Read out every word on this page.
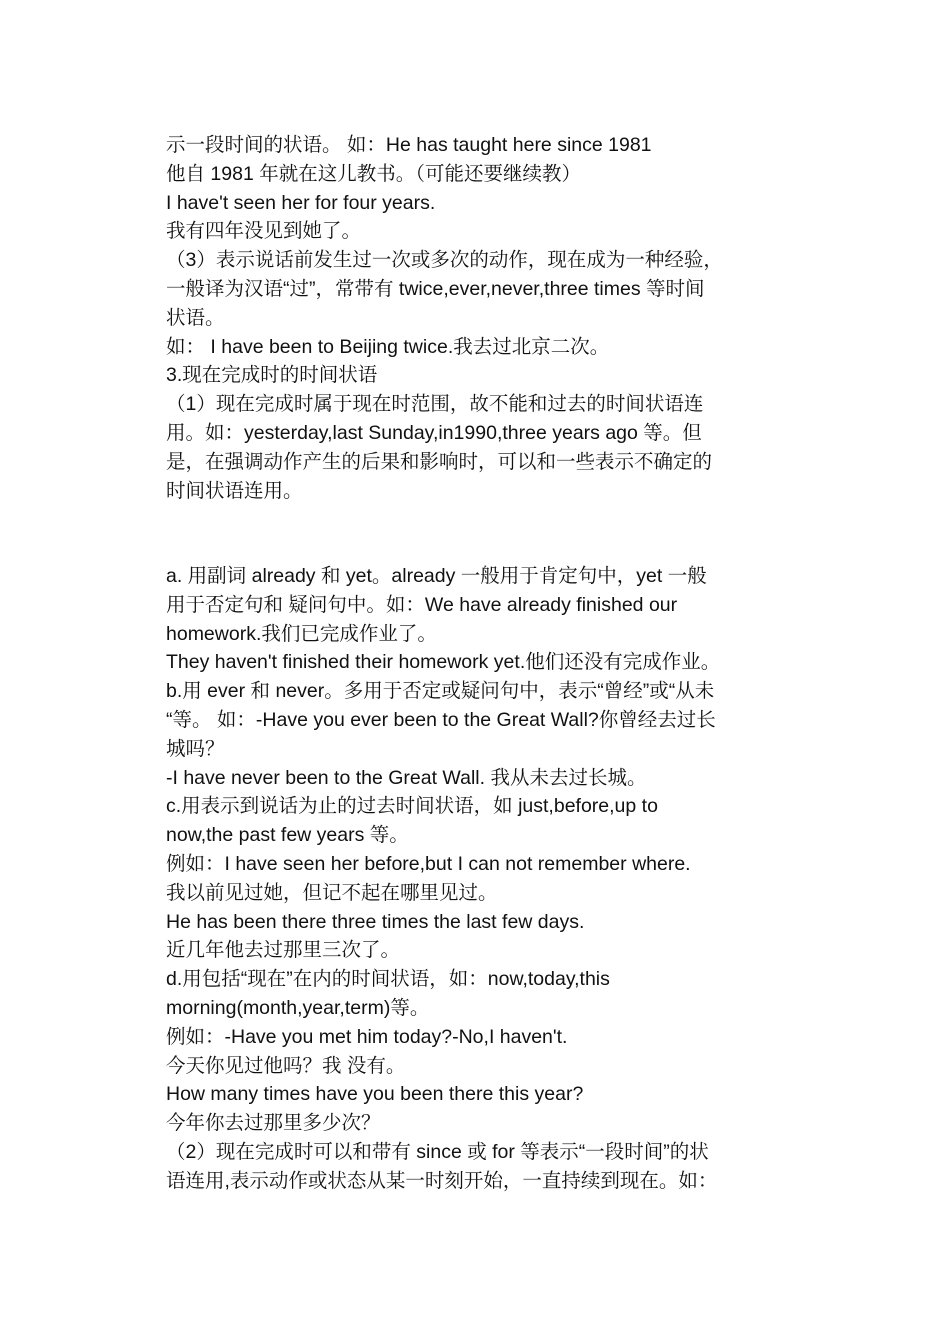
示一段时间的状语。 如：He has taught here since 1981
他自 1981 年就在这儿教书。（可能还要继续教）
I have't seen her for four years.
我有四年没见到她了。
（3）表示说话前发生过一次或多次的动作，现在成为一种经验，
一般译为汉语“过”，常带有 twice,ever,never,three times 等时间
状语。
如： I have been to Beijing twice.我去过北京二次。
3.现在完成时的时间状语
（1）现在完成时属于现在时范围，故不能和过去的时间状语连
用。如：yesterday,last Sunday,in1990,three years ago 等。但
是，在强调动作产生的后果和影响时，可以和一些表示不确定的
时间状语连用。
a. 用副词 already 和 yet。already 一般用于肯定句中，yet 一般
用于否定句和 疑问句中。如：We have already finished our
homework.我们已完成作业了。
They haven't finished their homework yet.他们还没有完成作业。
b.用 ever 和 never。多用于否定或疑问句中，表示“曾经”或“从未
“等。 如：-Have you ever been to the Great Wall?你曾经去过长
城吗？
-I have never been to the Great Wall. 我从未去过长城。
c.用表示到说话为止的过去时间状语，如 just,before,up to
now,the past few years 等。
例如：I have seen her before,but I can not remember where.
我以前见过她，但记不起在哪里见过。
He has been there three times the last few days.
近几年他去过那里三次了。
d.用包括“现在”在内的时间状语，如：now,today,this
morning(month,year,term)等。
例如：-Have you met him today?-No,I haven't.
今天你见过他吗？我 没有。
How many times have you been there this year?
今年你去过那里多少次？
（2）现在完成时可以和带有 since 或 for 等表示“一段时间”的状
语连用,表示动作或状态从某一时刻开始，一直持续到现在。如：
